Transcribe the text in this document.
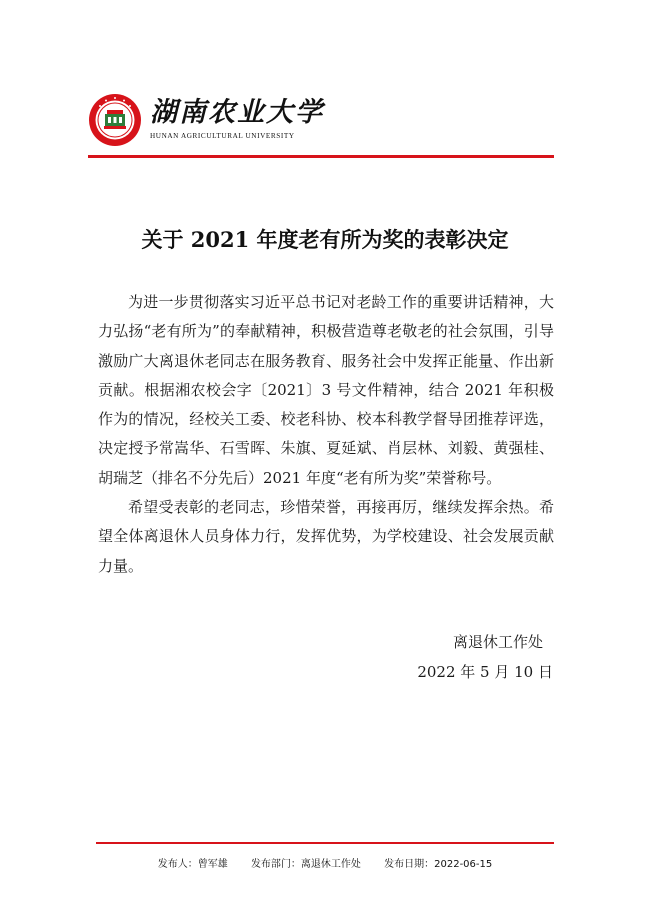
湖南农业大学
HUNAN AGRICULTURAL UNIVERSITY
关于 2021 年度老有所为奖的表彰决定

为进一步贯彻落实习近平总书记对老龄工作的重要讲话精神，大力弘扬“老有所为”的奉献精神，积极营造尊老敬老的社会氛围，引导激励广大离退休老同志在服务教育、服务社会中发挥正能量、作出新贡献。根据湘农校会字〔2021〕3 号文件精神，结合 2021 年积极作为的情况，经校关工委、校老科协、校本科教学督导团推荐评选，决定授予常嵩华、石雪晖、朱旗、夏延斌、肖层林、刘毅、黄强桂、胡瑞芝（排名不分先后）2021 年度“老有所为奖”荣誉称号。

希望受表彰的老同志，珍惜荣誉，再接再厉，继续发挥余热。希望全体离退休人员身体力行，发挥优势，为学校建设、社会发展贡献力量。

离退休工作处
2022 年 5 月 10 日
发布人：曾军雄 发布部门：离退休工作处 发布日期：2022-06-15
